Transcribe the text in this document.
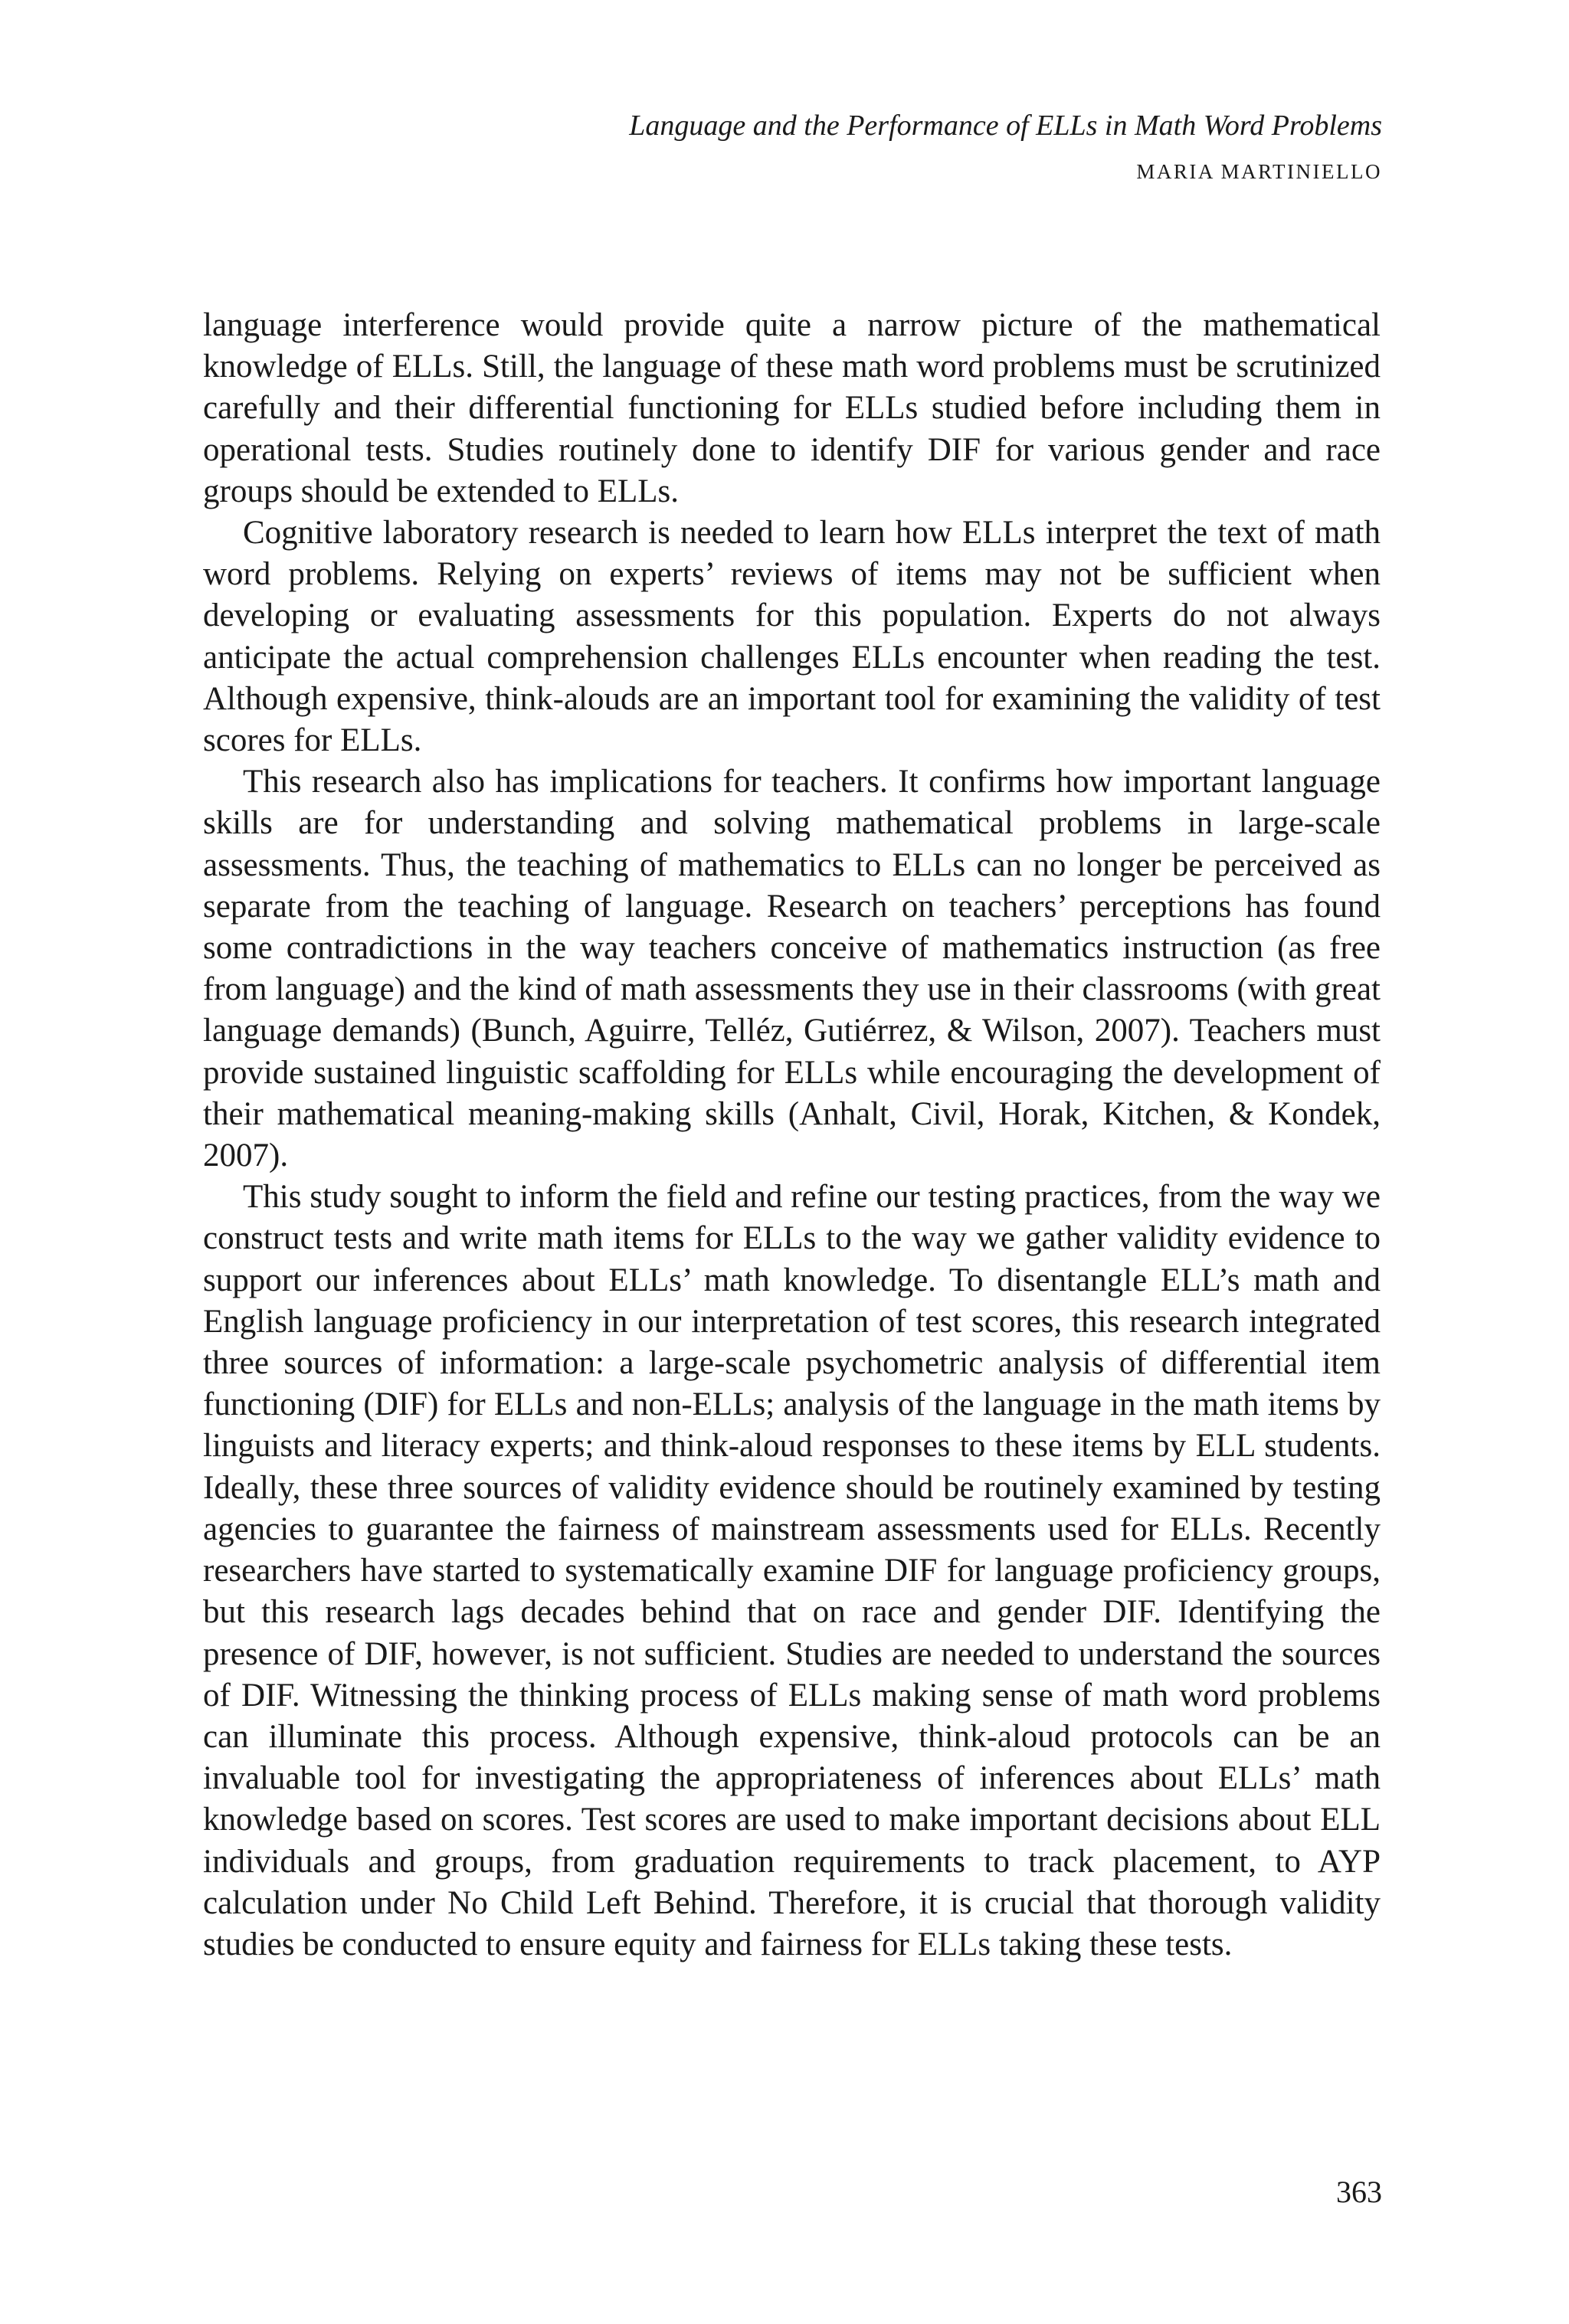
Language and the Performance of ELLs in Math Word Problems
MARIA MARTINIELLO

language interference would provide quite a narrow picture of the mathematical knowledge of ELLs. Still, the language of these math word problems must be scrutinized carefully and their differential functioning for ELLs studied before including them in operational tests. Studies routinely done to identify DIF for various gender and race groups should be extended to ELLs.

Cognitive laboratory research is needed to learn how ELLs interpret the text of math word problems. Relying on experts’ reviews of items may not be sufficient when developing or evaluating assessments for this population. Experts do not always anticipate the actual comprehension challenges ELLs encounter when reading the test. Although expensive, think-alouds are an important tool for examining the validity of test scores for ELLs.

This research also has implications for teachers. It confirms how important language skills are for understanding and solving mathematical problems in large-scale assessments. Thus, the teaching of mathematics to ELLs can no longer be perceived as separate from the teaching of language. Research on teachers’ perceptions has found some contradictions in the way teachers conceive of mathematics instruction (as free from language) and the kind of math assessments they use in their classrooms (with great language demands) (Bunch, Aguirre, Telléz, Gutiérrez, & Wilson, 2007). Teachers must provide sustained linguistic scaffolding for ELLs while encouraging the development of their mathematical meaning-making skills (Anhalt, Civil, Horak, Kitchen, & Kondek, 2007).

This study sought to inform the field and refine our testing practices, from the way we construct tests and write math items for ELLs to the way we gather validity evidence to support our inferences about ELLs’ math knowledge. To disentangle ELL’s math and English language proficiency in our interpretation of test scores, this research integrated three sources of information: a large-scale psychometric analysis of differential item functioning (DIF) for ELLs and non-ELLs; analysis of the language in the math items by linguists and literacy experts; and think-aloud responses to these items by ELL students. Ideally, these three sources of validity evidence should be routinely examined by testing agencies to guarantee the fairness of mainstream assessments used for ELLs. Recently researchers have started to systematically examine DIF for language proficiency groups, but this research lags decades behind that on race and gender DIF. Identifying the presence of DIF, however, is not sufficient. Studies are needed to understand the sources of DIF. Witnessing the thinking process of ELLs making sense of math word problems can illuminate this process. Although expensive, think-aloud protocols can be an invaluable tool for investigating the appropriateness of inferences about ELLs’ math knowledge based on scores. Test scores are used to make important decisions about ELL individuals and groups, from graduation requirements to track placement, to AYP calculation under No Child Left Behind. Therefore, it is crucial that thorough validity studies be conducted to ensure equity and fairness for ELLs taking these tests.

363
